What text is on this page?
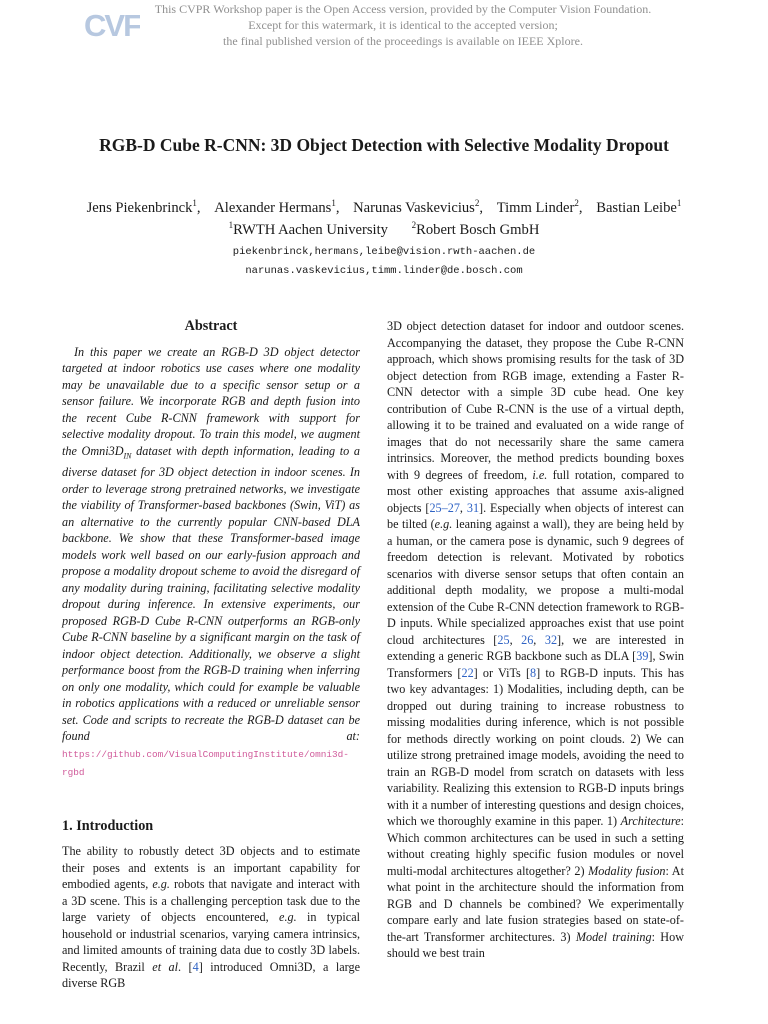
CVF	This CVPR Workshop paper is the Open Access version, provided by the Computer Vision Foundation.
Except for this watermark, it is identical to the accepted version;
the final published version of the proceedings is available on IEEE Xplore.
RGB-D Cube R-CNN: 3D Object Detection with Selective Modality Dropout
Jens Piekenbrinck$^1$, Alexander Hermans$^1$, Narunas Vaskevicius$^2$, Timm Linder$^2$, Bastian Leibe$^1$
$^1$RWTH Aachen University	$^2$Robert Bosch GmbH
piekenbrinck,hermans,leibe@vision.rwth-aachen.de
narunas.vaskevicius,timm.linder@de.bosch.com
Abstract

In this paper we create an RGB-D 3D object detector targeted at indoor robotics use cases where one modality may be unavailable due to a specific sensor setup or a sensor failure. We incorporate RGB and depth fusion into the recent Cube R-CNN framework with support for selective modality dropout. To train this model, we augment the $Omni3D_{IN}$ dataset with depth information, leading to a diverse dataset for 3D object detection in indoor scenes. In order to leverage strong pretrained networks, we investigate the viability of Transformer-based backbones (Swin, ViT) as an alternative to the currently popular CNN-based DLA backbone. We show that these Transformer-based image models work well based on our early-fusion approach and propose a modality dropout scheme to avoid the disregard of any modality during training, facilitating selective modality dropout during inference. In extensive experiments, our proposed RGB-D Cube R-CNN outperforms an RGB-only Cube R-CNN baseline by a significant margin on the task of indoor object detection. Additionally, we observe a slight performance boost from the RGB-D training when inferring on only one modality, which could for example be valuable in robotics applications with a reduced or unreliable sensor set. Code and scripts to recreate the RGB-D dataset can be found at: https://github.com/VisualComputingInstitute/omni3d-rgbd

1. Introduction

The ability to robustly detect 3D objects and to estimate their poses and extents is an important capability for embodied agents, e.g. robots that navigate and interact with a 3D scene. This is a challenging perception task due to the large variety of objects encountered, e.g. in typical household or industrial scenarios, varying camera intrinsics, and limited amounts of training data due to costly 3D labels. Recently, Brazil et al. [4] introduced Omni3D, a large diverse RGB

3D object detection dataset for indoor and outdoor scenes. Accompanying the dataset, they propose the Cube R-CNN approach, which shows promising results for the task of 3D object detection from RGB image, extending a Faster R-CNN detector with a simple 3D cube head. One key contribution of Cube R-CNN is the use of a virtual depth, allowing it to be trained and evaluated on a wide range of images that do not necessarily share the same camera intrinsics. Moreover, the method predicts bounding boxes with 9 degrees of freedom, i.e. full rotation, compared to most other existing approaches that assume axis-aligned objects [25–27, 31]. Especially when objects of interest can be tilted (e.g. leaning against a wall), they are being held by a human, or the camera pose is dynamic, such 9 degrees of freedom detection is relevant. Motivated by robotics scenarios with diverse sensor setups that often contain an additional depth modality, we propose a multi-modal extension of the Cube R-CNN detection framework to RGB-D inputs. While specialized approaches exist that use point cloud architectures [25, 26, 32], we are interested in extending a generic RGB backbone such as DLA [39], Swin Transformers [22] or ViTs [8] to RGB-D inputs. This has two key advantages: 1) Modalities, including depth, can be dropped out during training to increase robustness to missing modalities during inference, which is not possible for methods directly working on point clouds. 2) We can utilize strong pretrained image models, avoiding the need to train an RGB-D model from scratch on datasets with less variability. Realizing this extension to RGB-D inputs brings with it a number of interesting questions and design choices, which we thoroughly examine in this paper. 1) Architecture: Which common architectures can be used in such a setting without creating highly specific fusion modules or novel multi-modal architectures altogether? 2) Modality fusion: At what point in the architecture should the information from RGB and D channels be combined? We experimentally compare early and late fusion strategies based on state-of-the-art Transformer architectures. 3) Model training: How should we best train
